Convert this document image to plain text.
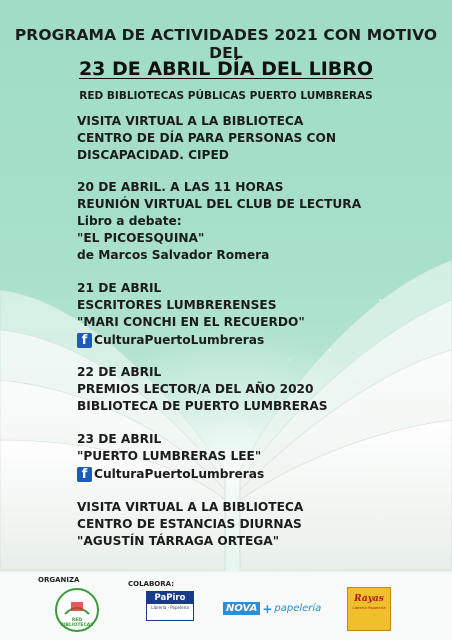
PROGRAMA DE ACTIVIDADES 2021 CON MOTIVO DEL
23 DE ABRIL DÍA DEL LIBRO
RED BIBLIOTECAS PÚBLICAS PUERTO LUMBRERAS
VISITA VIRTUAL A LA BIBLIOTECA
CENTRO DE DÍA PARA PERSONAS CON
DISCAPACIDAD. CIPED
20 DE ABRIL. A LAS 11 HORAS
REUNIÓN VIRTUAL DEL CLUB DE LECTURA
Libro a debate:
"EL PICOESQUINA"
de Marcos Salvador Romera
21 DE ABRIL
ESCRITORES LUMBRERENSES
"MARI CONCHI EN EL RECUERDO"
f CulturaPuertoLumbreras
22 DE ABRIL
PREMIOS LECTOR/A DEL AÑO 2020
BIBLIOTECA DE PUERTO LUMBRERAS
23 DE ABRIL
"PUERTO LUMBRERAS LEE"
f CulturaPuertoLumbreras
VISITA VIRTUAL A LA BIBLIOTECA
CENTRO DE ESTANCIAS DIURNAS
"AGUSTÍN TÁRRAGA ORTEGA"
ORGANIZA	COLABORA:
RED BIBLIOTECAS
PaPiro
Librería - Papelería	NOVA + papelería
Rayas
Librería Papelería
